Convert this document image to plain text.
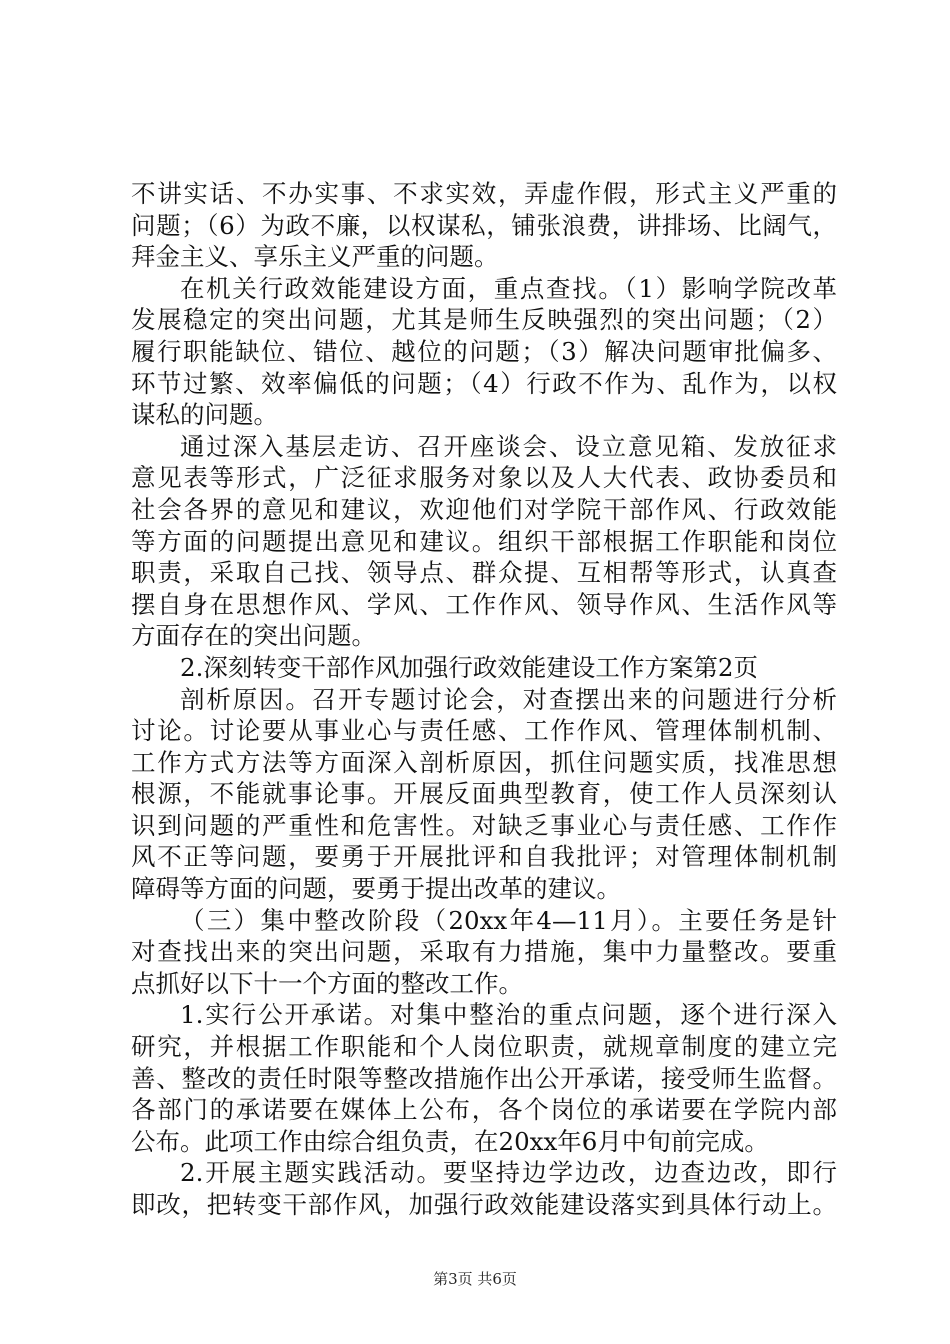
不讲实话、不办实事、不求实效，弄虚作假，形式主义严重的
问题；（6）为政不廉，以权谋私，铺张浪费，讲排场、比阔气，
拜金主义、享乐主义严重的问题。
在机关行政效能建设方面，重点查找。（1）影响学院改革
发展稳定的突出问题，尤其是师生反映强烈的突出问题；（2）
履行职能缺位、错位、越位的问题；（3）解决问题审批偏多、
环节过繁、效率偏低的问题；（4）行政不作为、乱作为，以权
谋私的问题。
通过深入基层走访、召开座谈会、设立意见箱、发放征求
意见表等形式，广泛征求服务对象以及人大代表、政协委员和
社会各界的意见和建议，欢迎他们对学院干部作风、行政效能
等方面的问题提出意见和建议。组织干部根据工作职能和岗位
职责，采取自己找、领导点、群众提、互相帮等形式，认真查
摆自身在思想作风、学风、工作作风、领导作风、生活作风等
方面存在的突出问题。
2.深刻转变干部作风加强行政效能建设工作方案第2页
剖析原因。召开专题讨论会，对查摆出来的问题进行分析
讨论。讨论要从事业心与责任感、工作作风、管理体制机制、
工作方式方法等方面深入剖析原因，抓住问题实质，找准思想
根源，不能就事论事。开展反面典型教育，使工作人员深刻认
识到问题的严重性和危害性。对缺乏事业心与责任感、工作作
风不正等问题，要勇于开展批评和自我批评；对管理体制机制
障碍等方面的问题，要勇于提出改革的建议。
（三）集中整改阶段（20xx年4—11月）。主要任务是针
对查找出来的突出问题，采取有力措施，集中力量整改。要重
点抓好以下十一个方面的整改工作。
1.实行公开承诺。对集中整治的重点问题，逐个进行深入
研究，并根据工作职能和个人岗位职责，就规章制度的建立完
善、整改的责任时限等整改措施作出公开承诺，接受师生监督。
各部门的承诺要在媒体上公布，各个岗位的承诺要在学院内部
公布。此项工作由综合组负责，在20xx年6月中旬前完成。
2.开展主题实践活动。要坚持边学边改，边查边改，即行
即改，把转变干部作风，加强行政效能建设落实到具体行动上。
第3页 共6页
